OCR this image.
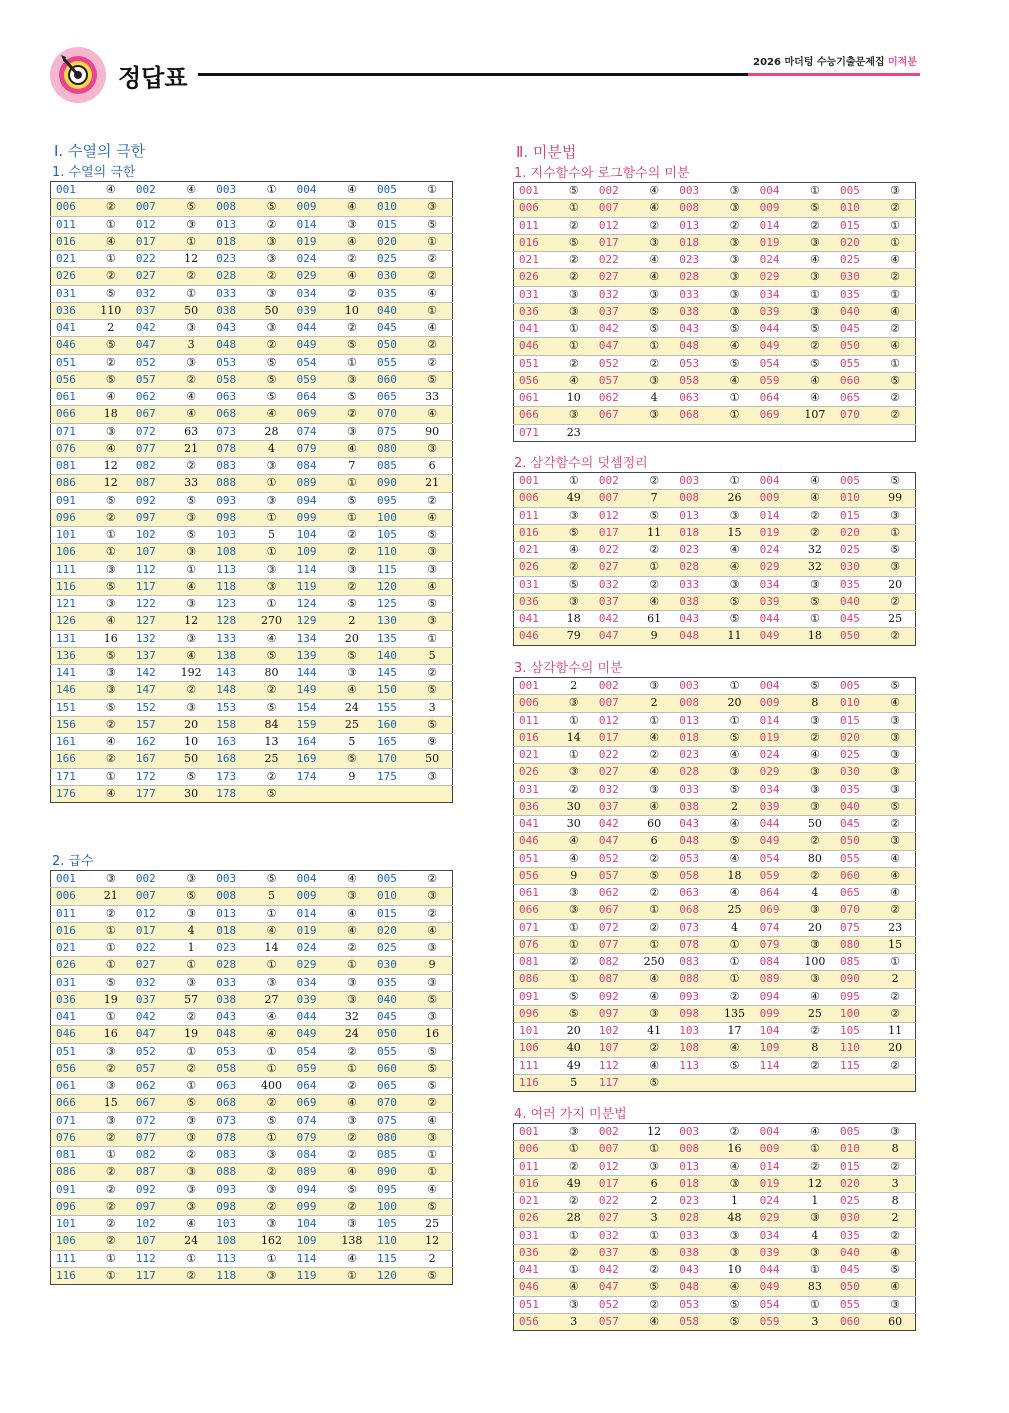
정답표
2026 마더텅 수능기출문제집 미적분
Ⅰ. 수열의 극한
1. 수열의 극한
001	④	002	④	003	①	004	④	005	①
006	②	007	⑤	008	⑤	009	④	010	③
011	①	012	③	013	②	014	③	015	⑤
016	④	017	①	018	③	019	④	020	①
021	①	022	12	023	③	024	②	025	②
026	②	027	②	028	②	029	④	030	②
031	⑤	032	①	033	③	034	②	035	④
036	110	037	50	038	50	039	10	040	①
041	2	042	③	043	③	044	②	045	④
046	⑤	047	3	048	②	049	⑤	050	②
051	②	052	③	053	⑤	054	①	055	②
056	⑤	057	②	058	⑤	059	③	060	⑤
061	④	062	④	063	⑤	064	⑤	065	33
066	18	067	④	068	④	069	②	070	④
071	③	072	63	073	28	074	③	075	90
076	④	077	21	078	4	079	④	080	③
081	12	082	②	083	③	084	7	085	6
086	12	087	33	088	①	089	①	090	21
091	⑤	092	⑤	093	③	094	⑤	095	②
096	②	097	③	098	①	099	①	100	④
101	①	102	⑤	103	5	104	②	105	⑤
106	①	107	③	108	①	109	②	110	③
111	③	112	①	113	③	114	③	115	③
116	⑤	117	④	118	③	119	②	120	④
121	③	122	③	123	①	124	⑤	125	⑤
126	④	127	12	128	270	129	2	130	③
131	16	132	③	133	④	134	20	135	①
136	⑤	137	④	138	⑤	139	⑤	140	5
141	③	142	192	143	80	144	③	145	②
146	③	147	②	148	②	149	④	150	⑤
151	⑤	152	③	153	⑤	154	24	155	3
156	②	157	20	158	84	159	25	160	⑤
161	④	162	10	163	13	164	5	165	⑨
166	②	167	50	168	25	169	⑤	170	50
171	①	172	⑤	173	②	174	9	175	③
176	④	177	30	178	⑤				
2. 급수
001	③	002	③	003	⑤	004	④	005	②
006	21	007	⑤	008	5	009	③	010	③
011	②	012	③	013	①	014	④	015	②
016	①	017	4	018	④	019	④	020	④
021	①	022	1	023	14	024	②	025	③
026	①	027	①	028	①	029	①	030	9
031	⑤	032	③	033	③	034	③	035	③
036	19	037	57	038	27	039	③	040	⑤
041	①	042	②	043	④	044	32	045	③
046	16	047	19	048	④	049	24	050	16
051	③	052	①	053	①	054	②	055	⑤
056	②	057	②	058	①	059	①	060	⑤
061	③	062	①	063	400	064	②	065	⑤
066	15	067	⑤	068	②	069	④	070	②
071	③	072	③	073	⑤	074	③	075	④
076	②	077	③	078	①	079	②	080	③
081	①	082	②	083	③	084	②	085	①
086	②	087	③	088	②	089	④	090	①
091	②	092	③	093	③	094	⑤	095	④
096	②	097	③	098	②	099	②	100	⑤
101	②	102	④	103	③	104	③	105	25
106	②	107	24	108	162	109	138	110	12
111	①	112	①	113	①	114	④	115	2
116	①	117	②	118	③	119	①	120	⑤
Ⅱ. 미분법
1. 지수함수와 로그함수의 미분
001	⑤	002	④	003	③	004	①	005	③
006	①	007	④	008	③	009	⑤	010	②
011	②	012	②	013	②	014	②	015	①
016	⑤	017	③	018	③	019	③	020	①
021	②	022	④	023	③	024	④	025	④
026	②	027	④	028	③	029	③	030	②
031	③	032	③	033	③	034	①	035	①
036	③	037	⑤	038	③	039	③	040	④
041	①	042	⑤	043	⑤	044	⑤	045	②
046	①	047	①	048	④	049	②	050	④
051	②	052	②	053	⑤	054	⑤	055	①
056	④	057	③	058	④	059	④	060	⑤
061	10	062	4	063	①	064	④	065	②
066	③	067	③	068	①	069	107	070	②
071	23								
2. 삼각함수의 덧셈정리
001	①	002	②	003	①	004	④	005	⑤
006	49	007	7	008	26	009	④	010	99
011	③	012	⑤	013	③	014	②	015	③
016	⑤	017	11	018	15	019	②	020	①
021	④	022	②	023	④	024	32	025	⑤
026	②	027	①	028	④	029	32	030	③
031	⑤	032	②	033	③	034	③	035	20
036	③	037	④	038	⑤	039	⑤	040	②
041	18	042	61	043	⑤	044	①	045	25
046	79	047	9	048	11	049	18	050	②
3. 삼각함수의 미분
001	2	002	③	003	①	004	⑤	005	⑤
006	③	007	2	008	20	009	8	010	④
011	①	012	①	013	①	014	③	015	③
016	14	017	④	018	⑤	019	②	020	③
021	①	022	②	023	④	024	④	025	③
026	③	027	④	028	③	029	③	030	③
031	②	032	③	033	⑤	034	③	035	③
036	30	037	④	038	2	039	③	040	⑤
041	30	042	60	043	④	044	50	045	②
046	④	047	6	048	⑤	049	②	050	③
051	④	052	②	053	④	054	80	055	④
056	9	057	⑤	058	18	059	②	060	④
061	③	062	②	063	④	064	4	065	④
066	③	067	①	068	25	069	③	070	②
071	①	072	②	073	4	074	20	075	23
076	①	077	①	078	①	079	③	080	15
081	②	082	250	083	①	084	100	085	①
086	①	087	④	088	①	089	③	090	2
091	⑤	092	④	093	②	094	④	095	②
096	⑤	097	③	098	135	099	25	100	②
101	20	102	41	103	17	104	②	105	11
106	40	107	②	108	④	109	8	110	20
111	49	112	④	113	⑤	114	②	115	②
116	5	117	⑤						
4. 여러 가지 미분법
001	③	002	12	003	②	004	④	005	③
006	①	007	①	008	16	009	①	010	8
011	②	012	③	013	④	014	②	015	②
016	49	017	6	018	③	019	12	020	3
021	②	022	2	023	1	024	1	025	8
026	28	027	3	028	48	029	③	030	2
031	①	032	①	033	③	034	4	035	②
036	②	037	⑤	038	③	039	③	040	④
041	①	042	②	043	10	044	①	045	⑤
046	④	047	⑤	048	④	049	83	050	④
051	③	052	②	053	⑤	054	①	055	③
056	3	057	④	058	⑤	059	3	060	60
